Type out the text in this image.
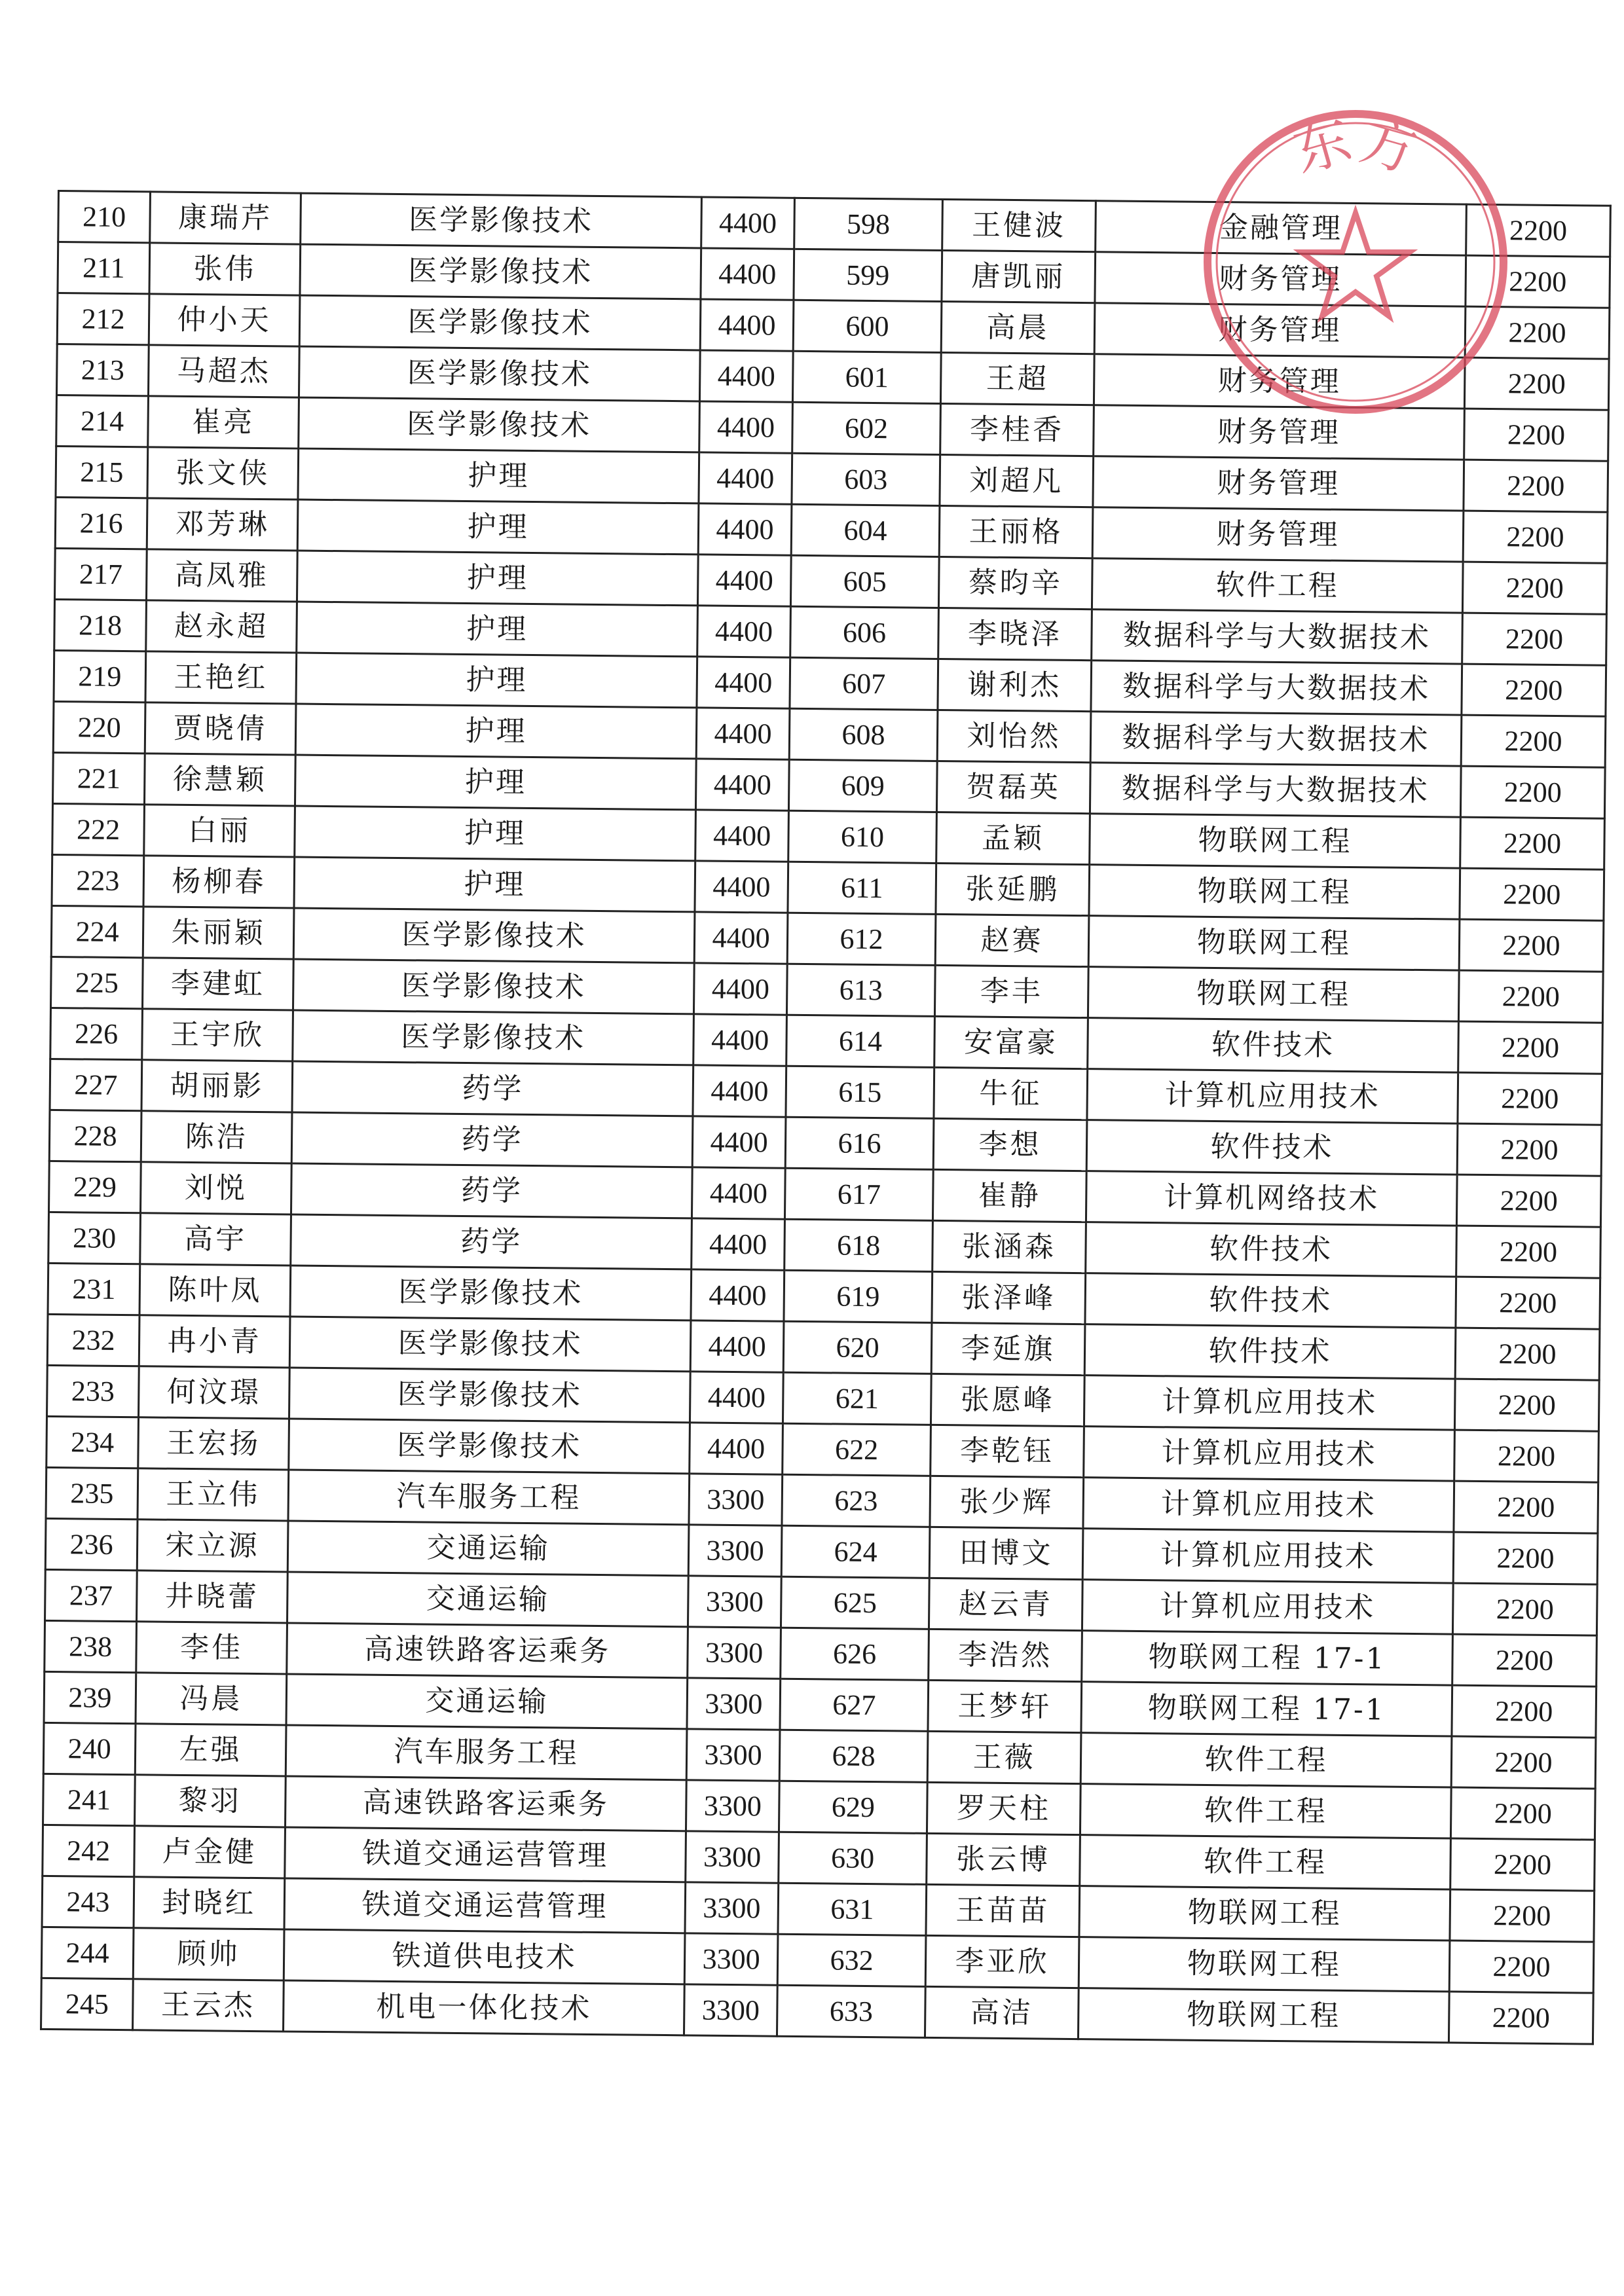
210	康瑞芹	医学影像技术	4400	598	王健波	金融管理	2200
211	张伟	医学影像技术	4400	599	唐凯丽	财务管理	2200
212	仲小天	医学影像技术	4400	600	高晨	财务管理	2200
213	马超杰	医学影像技术	4400	601	王超	财务管理	2200
214	崔亮	医学影像技术	4400	602	李桂香	财务管理	2200
215	张文侠	护理	4400	603	刘超凡	财务管理	2200
216	邓芳琳	护理	4400	604	王丽格	财务管理	2200
217	高凤雅	护理	4400	605	蔡昀辛	软件工程	2200
218	赵永超	护理	4400	606	李晓泽	数据科学与大数据技术	2200
219	王艳红	护理	4400	607	谢利杰	数据科学与大数据技术	2200
220	贾晓倩	护理	4400	608	刘怡然	数据科学与大数据技术	2200
221	徐慧颖	护理	4400	609	贺磊英	数据科学与大数据技术	2200
222	白丽	护理	4400	610	孟颖	物联网工程	2200
223	杨柳春	护理	4400	611	张延鹏	物联网工程	2200
224	朱丽颖	医学影像技术	4400	612	赵赛	物联网工程	2200
225	李建虹	医学影像技术	4400	613	李丰	物联网工程	2200
226	王宇欣	医学影像技术	4400	614	安富豪	软件技术	2200
227	胡丽影	药学	4400	615	牛征	计算机应用技术	2200
228	陈浩	药学	4400	616	李想	软件技术	2200
229	刘悦	药学	4400	617	崔静	计算机网络技术	2200
230	高宇	药学	4400	618	张涵森	软件技术	2200
231	陈叶凤	医学影像技术	4400	619	张泽峰	软件技术	2200
232	冉小青	医学影像技术	4400	620	李延旗	软件技术	2200
233	何汶璟	医学影像技术	4400	621	张愿峰	计算机应用技术	2200
234	王宏扬	医学影像技术	4400	622	李乾钰	计算机应用技术	2200
235	王立伟	汽车服务工程	3300	623	张少辉	计算机应用技术	2200
236	宋立源	交通运输	3300	624	田博文	计算机应用技术	2200
237	井晓蕾	交通运输	3300	625	赵云青	计算机应用技术	2200
238	李佳	高速铁路客运乘务	3300	626	李浩然	物联网工程 17-1	2200
239	冯晨	交通运输	3300	627	王梦轩	物联网工程 17-1	2200
240	左强	汽车服务工程	3300	628	王薇	软件工程	2200
241	黎羽	高速铁路客运乘务	3300	629	罗天柱	软件工程	2200
242	卢金健	铁道交通运营管理	3300	630	张云博	软件工程	2200
243	封晓红	铁道交通运营管理	3300	631	王苗苗	物联网工程	2200
244	顾帅	铁道供电技术	3300	632	李亚欣	物联网工程	2200
245	王云杰	机电一体化技术	3300	633	高洁	物联网工程	2200
东方
